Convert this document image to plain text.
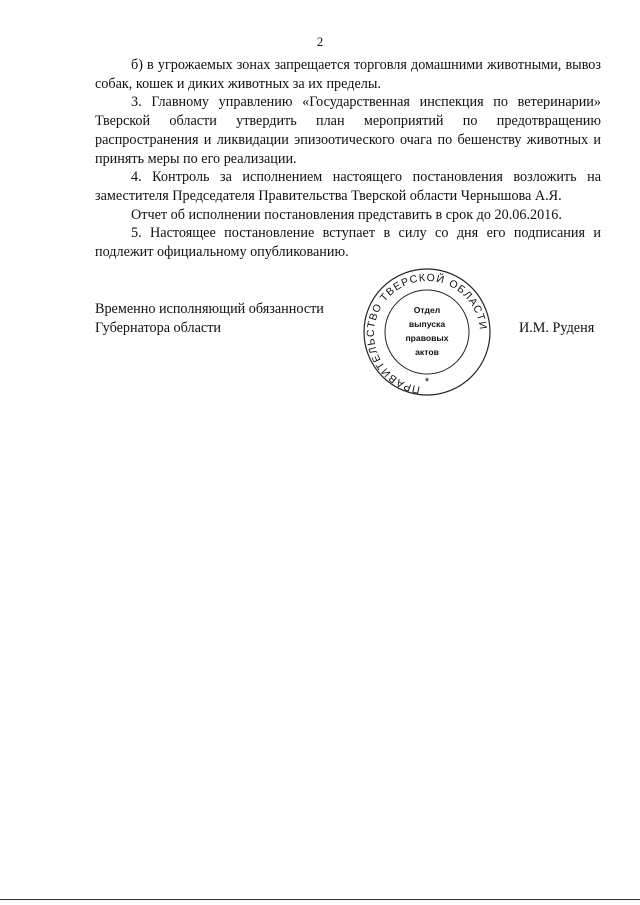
2

б) в угрожаемых зонах запрещается торговля домашними животными, вывоз собак, кошек и диких животных за их пределы.

3. Главному управлению «Государственная инспекция по ветеринарии» Тверской области утвердить план мероприятий по предотвращению распространения и ликвидации эпизоотического очага по бешенству животных и принять меры по его реализации.

4. Контроль за исполнением настоящего постановления возложить на заместителя Председателя Правительства Тверской области Чернышова А.Я.

Отчет об исполнении постановления представить в срок до 20.06.2016.

5. Настоящее постановление вступает в силу со дня его подписания и подлежит официальному опубликованию.

Временно исполняющий обязанности
Губернатора области	И.М. Руденя
ПРАВИТЕЛЬСТВО ТВЕРСКОЙ ОБЛАСТИ
Отдел
выпуска
правовых
актов
*
